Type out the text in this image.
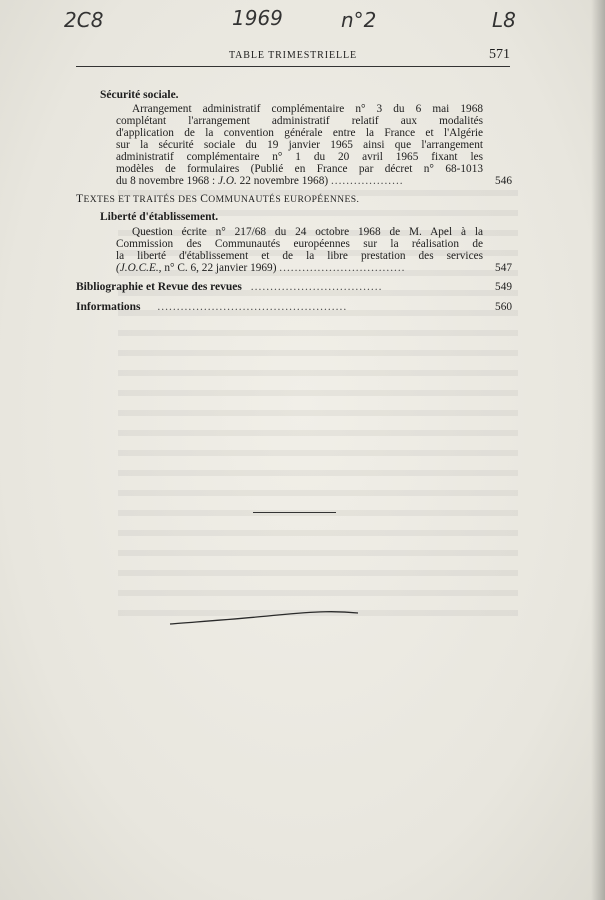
2C8	1969	n°2	L8
TABLE TRIMESTRIELLE	571
Sécurité sociale.
Arrangement administratif complémentaire n° 3 du 6 mai 1968
complétant l'arrangement administratif relatif aux modalités
d'application de la convention générale entre la France et l'Algérie
sur la sécurité sociale du 19 janvier 1965 ainsi que l'arrangement
administratif complémentaire n° 1 du 20 avril 1965 fixant les
modèles de formulaires (Publié en France par décret n° 68-1013
du 8 novembre 1968 : J.O. 22 novembre 1968) ...................	546
TEXTES ET TRAITÉS DES COMMUNAUTÉS EUROPÉENNES.
Liberté d'établissement.
Question écrite n° 217/68 du 24 octobre 1968 de M. Apel à la
Commission des Communautés européennes sur la réalisation de
la liberté d'établissement et de la libre prestation des services
(J.O.C.E., n° C. 6, 22 janvier 1969) .................................	547
Bibliographie et Revue des revues ..................................	549
Informations .................................................	560
